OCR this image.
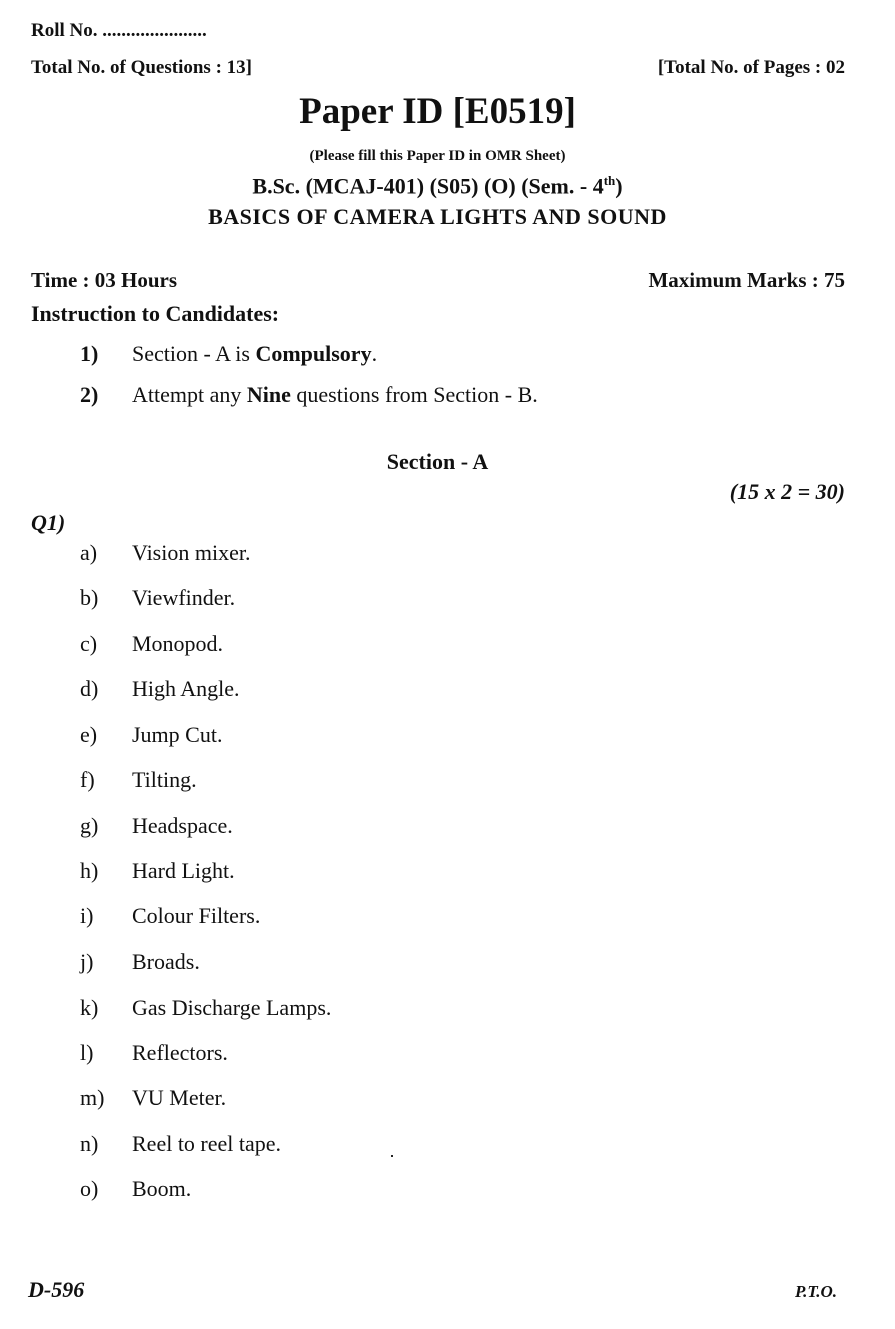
Roll No. ......................
Total No. of Questions : 13]	[Total No. of Pages : 02
Paper ID [E0519]
(Please fill this Paper ID in OMR Sheet)
B.Sc. (MCAJ-401) (S05) (O) (Sem. - 4th)
BASICS OF CAMERA LIGHTS AND SOUND
Time : 03 Hours	Maximum Marks : 75
Instruction to Candidates:
1) Section - A is Compulsory.
2) Attempt any Nine questions from Section - B.
Section - A
(15 x 2 = 30)
Q1)
a) Vision mixer.
b) Viewfinder.
c) Monopod.
d) High Angle.
e) Jump Cut.
f) Tilting.
g) Headspace.
h) Hard Light.
i) Colour Filters.
j) Broads.
k) Gas Discharge Lamps.
l) Reflectors.
m) VU Meter.
n) Reel to reel tape.
o) Boom.
D-596	P.T.O.
